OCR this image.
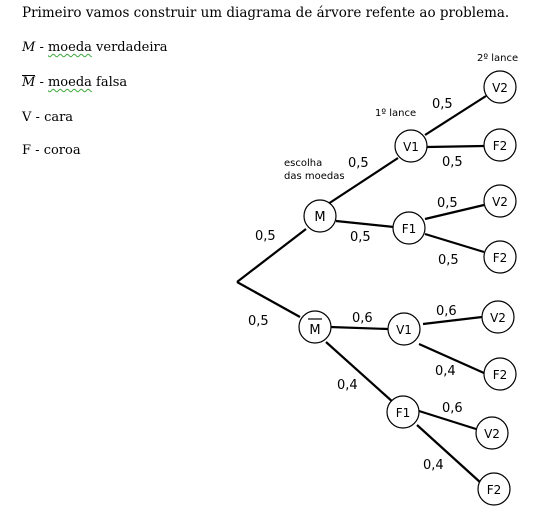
Primeiro vamos construir um diagrama de árvore refente ao problema.
M - moeda verdadeira
M - moeda falsa
V - cara
F - coroa
2º lance
1º lance
escolha
das moedas
M
M
V1
F1
V1
F1
V2
F2
V2
F2
V2
F2
V2
F2
0,5
0,5
0,5
0,5
0,6
0,4
0,5
0,5
0,5
0,5
0,6
0,4
0,6
0,4
